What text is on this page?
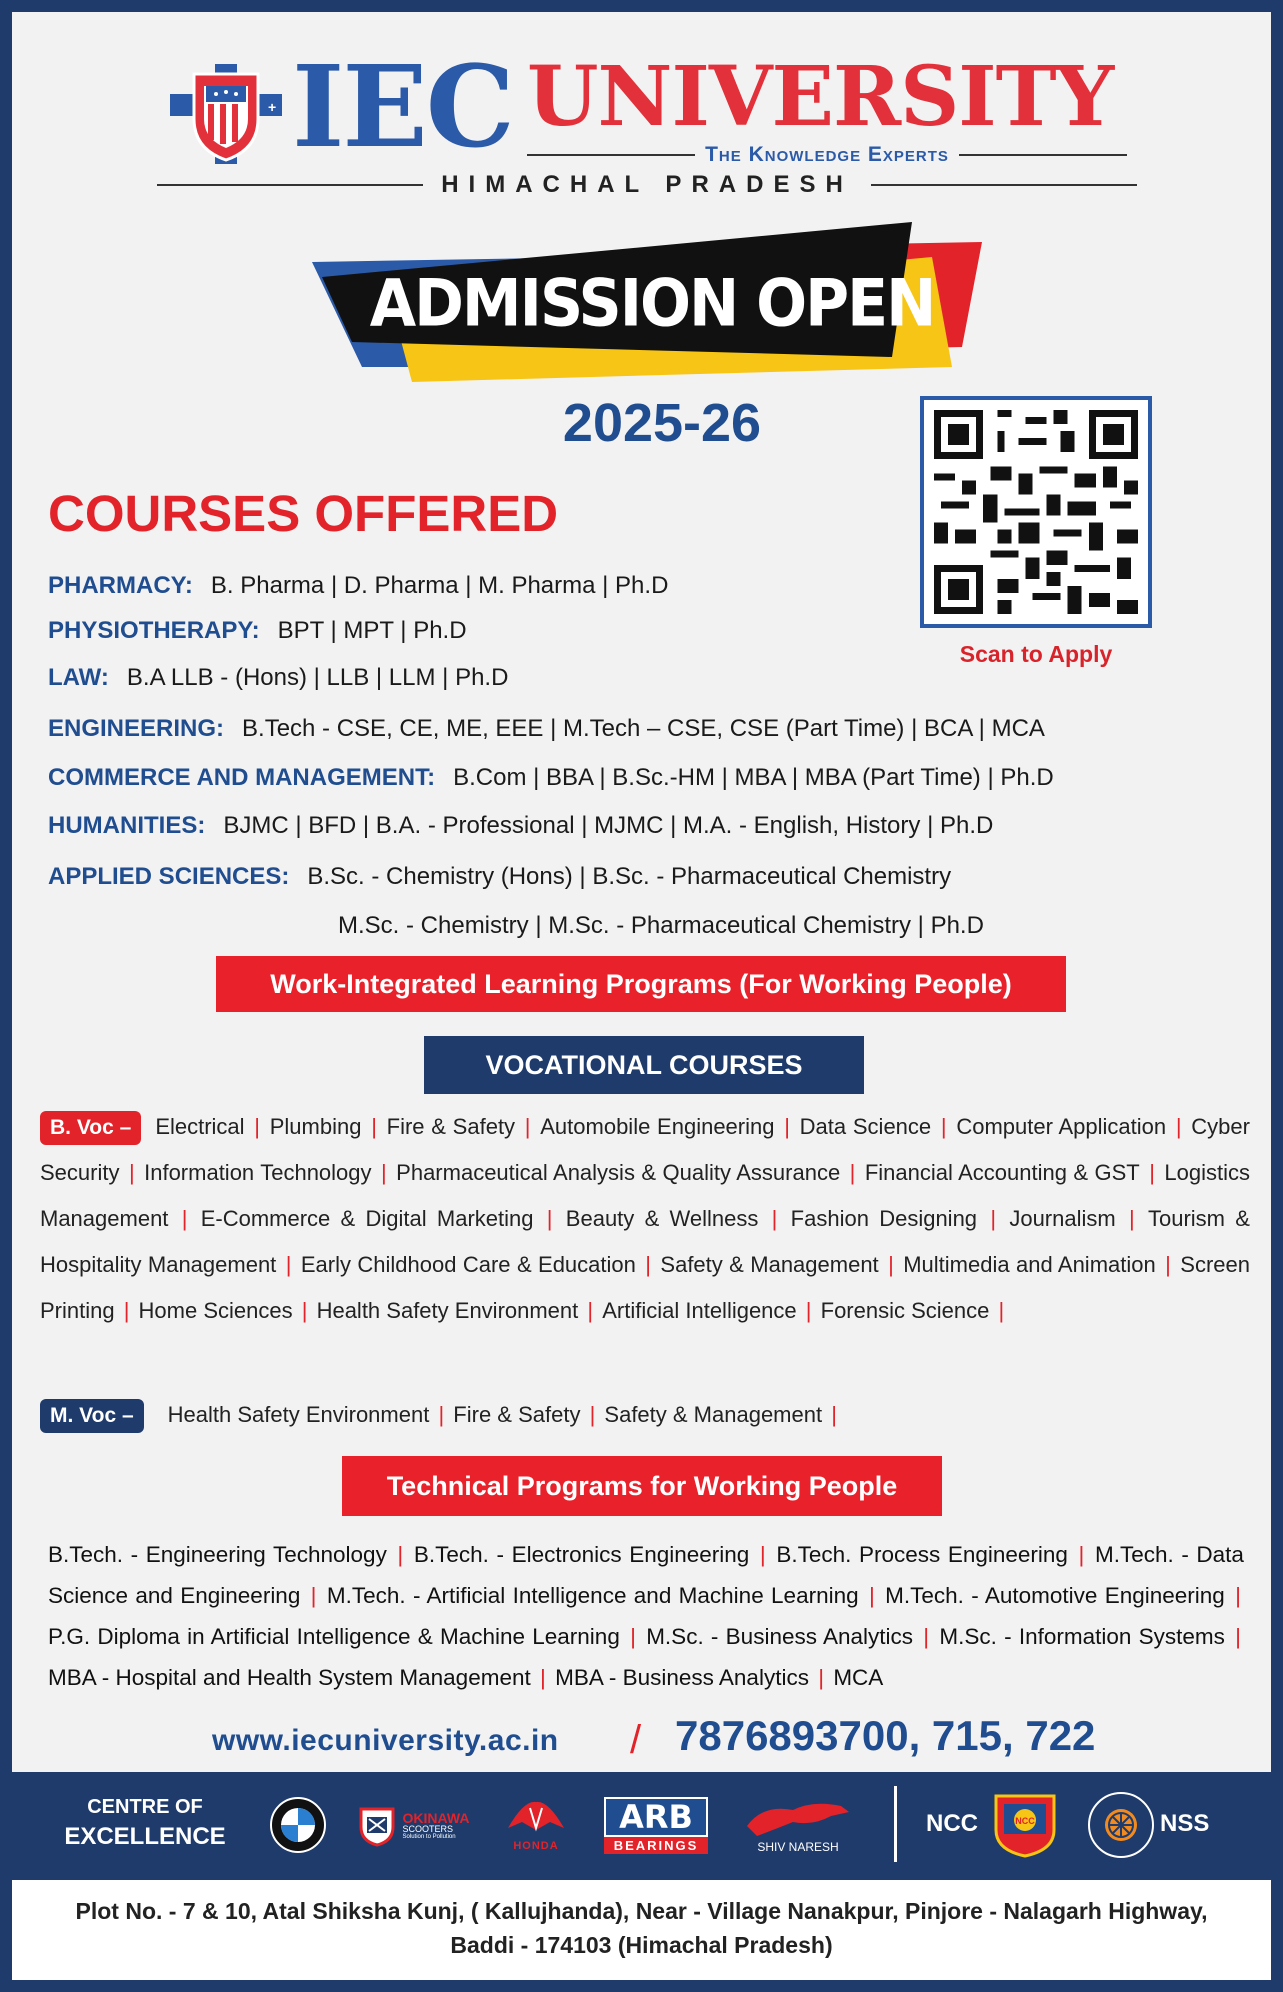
+ IEC UNIVERSITY
The Knowledge Experts
HIMACHAL PRADESH
ADMISSION OPEN
2025-26
Scan to Apply
COURSES OFFERED
PHARMACY: B. Pharma | D. Pharma | M. Pharma | Ph.D
PHYSIOTHERAPY: BPT | MPT | Ph.D
LAW: B.A LLB - (Hons) | LLB | LLM | Ph.D
ENGINEERING: B.Tech - CSE, CE, ME, EEE | M.Tech – CSE, CSE (Part Time) | BCA | MCA
COMMERCE AND MANAGEMENT: B.Com | BBA | B.Sc.-HM | MBA | MBA (Part Time) | Ph.D
HUMANITIES: BJMC | BFD | B.A. - Professional | MJMC | M.A. - English, History | Ph.D
APPLIED SCIENCES: B.Sc. - Chemistry (Hons) | B.Sc. - Pharmaceutical Chemistry
M.Sc. - Chemistry | M.Sc. - Pharmaceutical Chemistry | Ph.D
Work-Integrated Learning Programs (For Working People)
VOCATIONAL COURSES
B. Voc – Electrical | Plumbing | Fire & Safety | Automobile Engineering | Data Science | Computer Application | Cyber Security | Information Technology | Pharmaceutical Analysis & Quality Assurance | Financial Accounting & GST | Logistics Management | E-Commerce & Digital Marketing | Beauty & Wellness | Fashion Designing | Journalism | Tourism & Hospitality Management | Early Childhood Care & Education | Safety & Management | Multimedia and Animation | Screen Printing | Home Sciences | Health Safety Environment | Artificial Intelligence | Forensic Science |
M. Voc – Health Safety Environment | Fire & Safety | Safety & Management |
Technical Programs for Working People
B.Tech. - Engineering Technology | B.Tech. - Electronics Engineering | B.Tech. Process Engineering | M.Tech. - Data Science and Engineering | M.Tech. - Artificial Intelligence and Machine Learning | M.Tech. - Automotive Engineering | P.G. Diploma in Artificial Intelligence & Machine Learning | M.Sc. - Business Analytics | M.Sc. - Information Systems | MBA - Hospital and Health System Management | MBA - Business Analytics | MCA
www.iecuniversity.ac.in / 7876893700, 715, 722
CENTRE OF
EXCELLENCE
OKINAWA
SCOOTERS
Solution to Pollution
HONDA
ARB
BEARINGS	SHIV NARESH
NCC	NCC	NSS
Plot No. - 7 & 10, Atal Shiksha Kunj, ( Kallujhanda), Near - Village Nanakpur, Pinjore - Nalagarh Highway,
Baddi - 174103 (Himachal Pradesh)
